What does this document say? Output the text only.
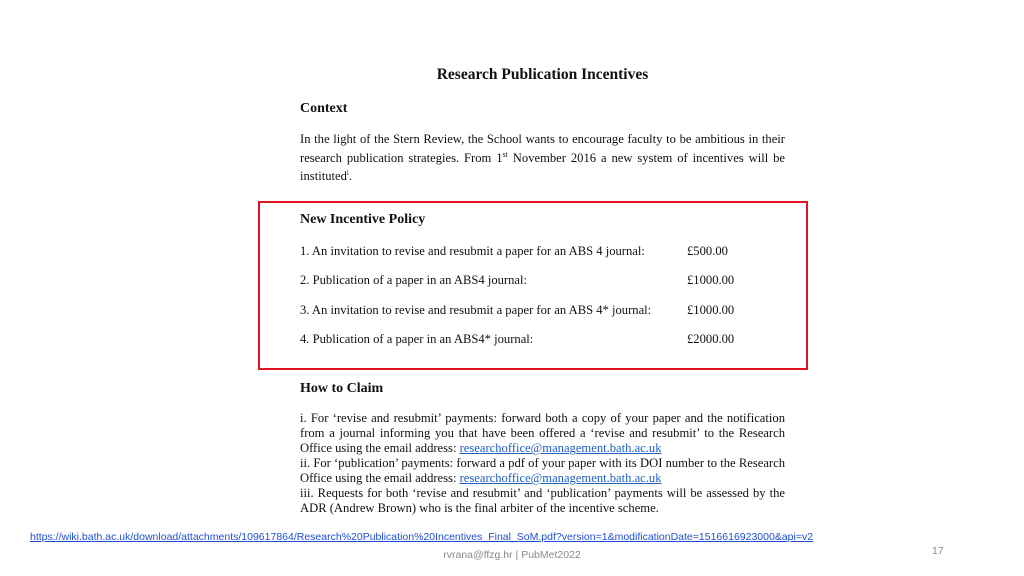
Research Publication Incentives
Context
In the light of the Stern Review, the School wants to encourage faculty to be ambitious in their
research publication strategies. From 1st November 2016 a new system of incentives will be
instituted$^i$.
New Incentive Policy
1. An invitation to revise and resubmit a paper for an ABS 4 journal:	£500.00
2. Publication of a paper in an ABS4 journal:	£1000.00
3. An invitation to revise and resubmit a paper for an ABS 4* journal:	£1000.00
4. Publication of a paper in an ABS4* journal:	£2000.00
How to Claim
i. For ‘revise and resubmit’ payments: forward both a copy of your paper and the notification
from a journal informing you that have been offered a ‘revise and resubmit’ to the Research
Office using the email address: researchoffice@management.bath.ac.uk
ii. For ‘publication’ payments: forward a pdf of your paper with its DOI number to the Research
Office using the email address: researchoffice@management.bath.ac.uk
iii. Requests for both ‘revise and resubmit’ and ‘publication’ payments will be assessed by the
ADR (Andrew Brown) who is the final arbiter of the incentive scheme.
https://wiki.bath.ac.uk/download/attachments/109617864/Research%20Publication%20Incentives_Final_SoM.pdf?version=1&modificationDate=1516616923000&api=v2
rvrana@ffzg.hr | PubMet2022	17
